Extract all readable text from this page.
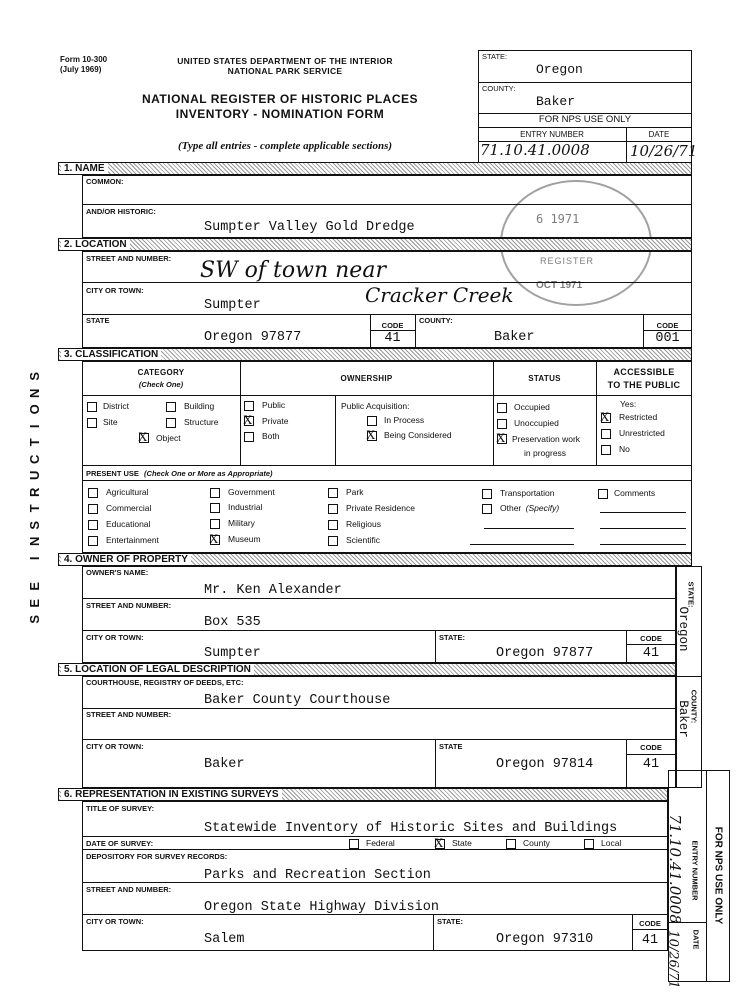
Form 10-300
(July 1969)
UNITED STATES DEPARTMENT OF THE INTERIOR
NATIONAL PARK SERVICE
NATIONAL REGISTER OF HISTORIC PLACES
INVENTORY - NOMINATION FORM
(Type all entries - complete applicable sections)
STATE:
Oregon
COUNTY:
Baker
FOR NPS USE ONLY
ENTRY NUMBER	DATE
71.10.41.0008	10/26/71
6 1971
REGISTER
OCT 1971
S
N
O
I
T
C
U
R
T
S
N
I
E
E
S
1. NAME
COMMON:
AND/OR HISTORIC:
Sumpter Valley Gold Dredge
2. LOCATION
STREET AND NUMBER: SW of town near
CITY OR TOWN:
Sumpter	Cracker Creek
STATE
Oregon 97877
CODE
41
COUNTY:
Baker
CODE
001
3. CLASSIFICATION
CATEGORY
(Check One)
OWNERSHIP	STATUS
ACCESSIBLE
TO THE PUBLIC
District	Building
Site	Structure
X Object
Public
X Private
Both
Public Acquisition:
In Process
X Being Considered
Occupied
Unoccupied
X Preservation work
in progress
Yes:
X Restricted
Unrestricted
No
PRESENT USE (Check One or More as Appropriate)
Agricultural
Commercial
Educational
Entertainment
Government
Industrial
Military
X Museum
Park
Private Residence
Religious
Scientific
Transportation
Other (Specify)
Comments
4. OWNER OF PROPERTY
OWNER'S NAME:
Mr. Ken Alexander
STREET AND NUMBER:
Box 535
CITY OR TOWN:
Sumpter
STATE:
Oregon 97877
CODE
41
5. LOCATION OF LEGAL DESCRIPTION
COURTHOUSE, REGISTRY OF DEEDS, ETC:
Baker County Courthouse
STREET AND NUMBER:
CITY OR TOWN:
Baker
STATE
Oregon 97814
CODE
41
6. REPRESENTATION IN EXISTING SURVEYS
TITLE OF SURVEY:
Statewide Inventory of Historic Sites and Buildings
DATE OF SURVEY:	Federal	X State	County	Local
DEPOSITORY FOR SURVEY RECORDS:
Parks and Recreation Section
STREET AND NUMBER:
Oregon State Highway Division
CITY OR TOWN:
Salem
STATE:
Oregon 97310
CODE
41
STATE:
Oregon
COUNTY:
Baker
71.10.41.0008 ENTRY NUMBER
10/26/71 DATE
FOR NPS USE ONLY
